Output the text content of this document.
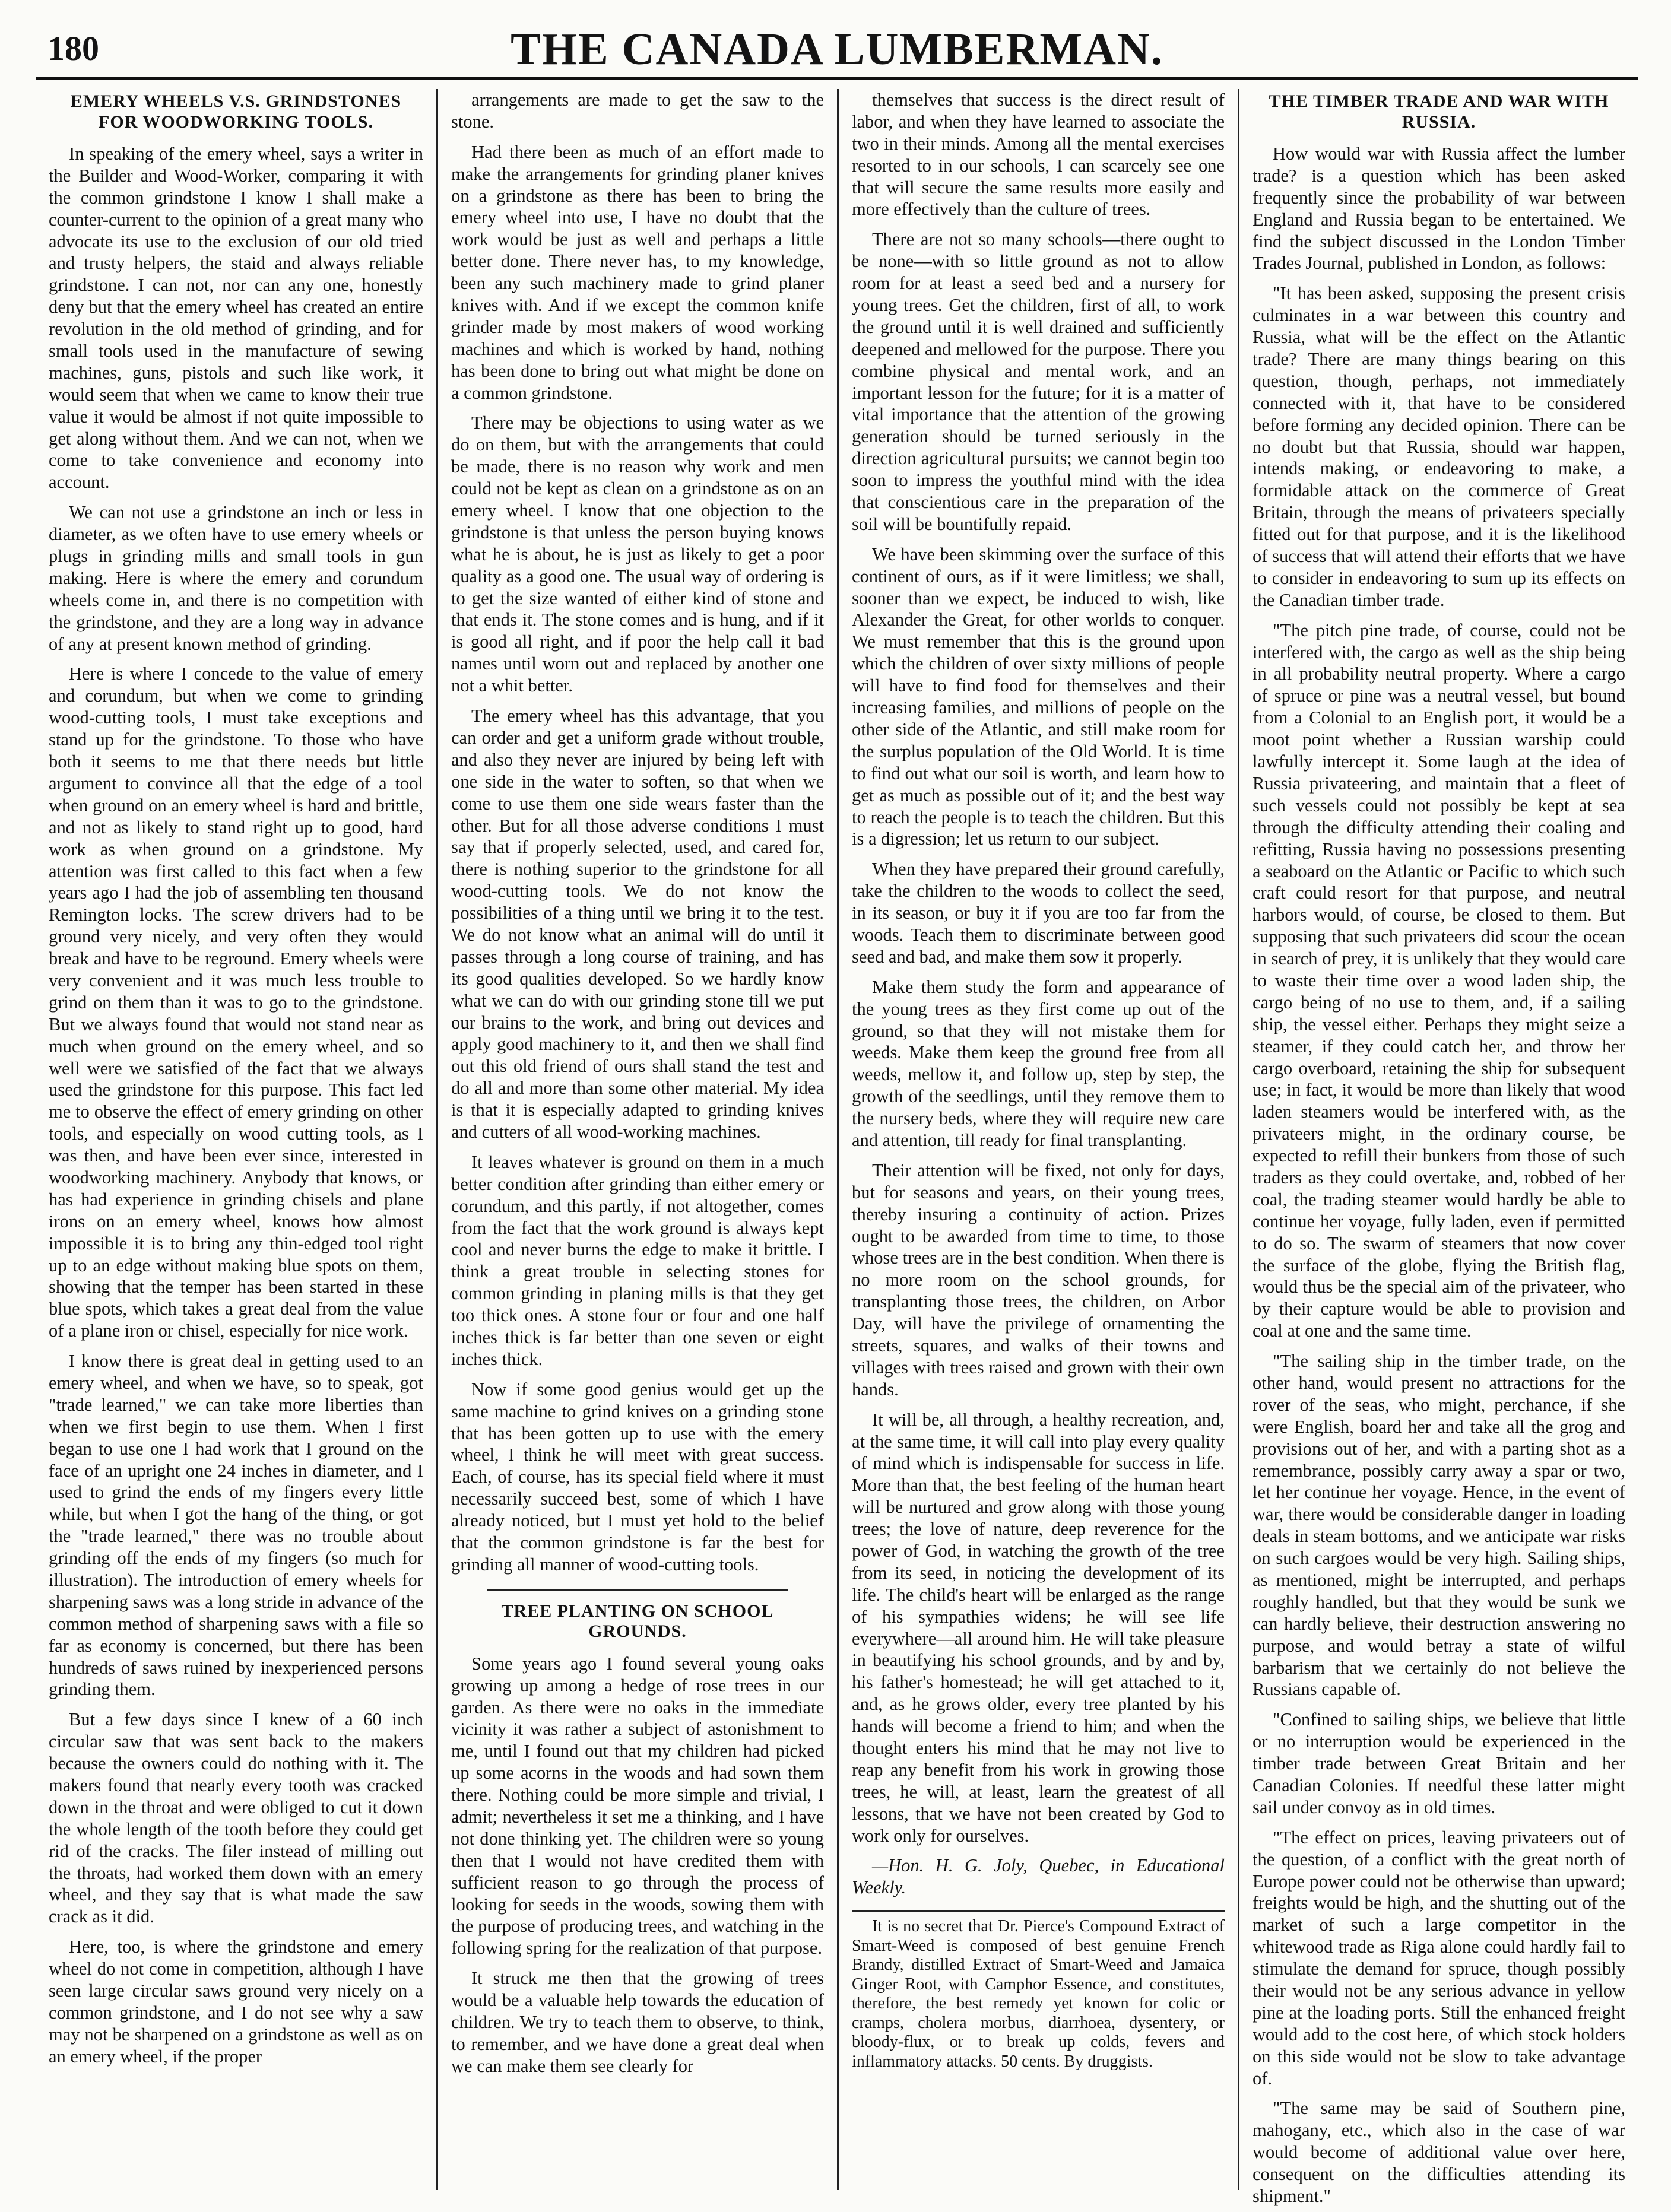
180	THE CANADA LUMBERMAN.
EMERY WHEELS V.S. GRINDSTONES FOR WOODWORKING TOOLS.

In speaking of the emery wheel, says a writer in the Builder and Wood-Worker, comparing it with the common grindstone I know I shall make a counter-current to the opinion of a great many who advocate its use to the exclusion of our old tried and trusty helpers, the staid and always reliable grindstone. I can not, nor can any one, honestly deny but that the emery wheel has created an entire revolution in the old method of grinding, and for small tools used in the manufacture of sewing machines, guns, pistols and such like work, it would seem that when we came to know their true value it would be almost if not quite impossible to get along without them. And we can not, when we come to take convenience and economy into account.

We can not use a grindstone an inch or less in diameter, as we often have to use emery wheels or plugs in grinding mills and small tools in gun making. Here is where the emery and corundum wheels come in, and there is no competition with the grindstone, and they are a long way in advance of any at present known method of grinding.

Here is where I concede to the value of emery and corundum, but when we come to grinding wood-cutting tools, I must take exceptions and stand up for the grindstone. To those who have both it seems to me that there needs but little argument to convince all that the edge of a tool when ground on an emery wheel is hard and brittle, and not as likely to stand right up to good, hard work as when ground on a grindstone. My attention was first called to this fact when a few years ago I had the job of assembling ten thousand Remington locks. The screw drivers had to be ground very nicely, and very often they would break and have to be reground. Emery wheels were very convenient and it was much less trouble to grind on them than it was to go to the grindstone. But we always found that would not stand near as much when ground on the emery wheel, and so well were we satisfied of the fact that we always used the grindstone for this purpose. This fact led me to observe the effect of emery grinding on other tools, and especially on wood cutting tools, as I was then, and have been ever since, interested in woodworking machinery. Anybody that knows, or has had experience in grinding chisels and plane irons on an emery wheel, knows how almost impossible it is to bring any thin-edged tool right up to an edge without making blue spots on them, showing that the temper has been started in these blue spots, which takes a great deal from the value of a plane iron or chisel, especially for nice work.

I know there is great deal in getting used to an emery wheel, and when we have, so to speak, got "trade learned," we can take more liberties than when we first begin to use them. When I first began to use one I had work that I ground on the face of an upright one 24 inches in diameter, and I used to grind the ends of my fingers every little while, but when I got the hang of the thing, or got the "trade learned," there was no trouble about grinding off the ends of my fingers (so much for illustration). The introduction of emery wheels for sharpening saws was a long stride in advance of the common method of sharpening saws with a file so far as economy is concerned, but there has been hundreds of saws ruined by inexperienced persons grinding them.

But a few days since I knew of a 60 inch circular saw that was sent back to the makers because the owners could do nothing with it. The makers found that nearly every tooth was cracked down in the throat and were obliged to cut it down the whole length of the tooth before they could get rid of the cracks. The filer instead of milling out the throats, had worked them down with an emery wheel, and they say that is what made the saw crack as it did.

Here, too, is where the grindstone and emery wheel do not come in competition, although I have seen large circular saws ground very nicely on a common grindstone, and I do not see why a saw may not be sharpened on a grindstone as well as on an emery wheel, if the proper

arrangements are made to get the saw to the stone.

Had there been as much of an effort made to make the arrangements for grinding planer knives on a grindstone as there has been to bring the emery wheel into use, I have no doubt that the work would be just as well and perhaps a little better done. There never has, to my knowledge, been any such machinery made to grind planer knives with. And if we except the common knife grinder made by most makers of wood working machines and which is worked by hand, nothing has been done to bring out what might be done on a common grindstone.

There may be objections to using water as we do on them, but with the arrangements that could be made, there is no reason why work and men could not be kept as clean on a grindstone as on an emery wheel. I know that one objection to the grindstone is that unless the person buying knows what he is about, he is just as likely to get a poor quality as a good one. The usual way of ordering is to get the size wanted of either kind of stone and that ends it. The stone comes and is hung, and if it is good all right, and if poor the help call it bad names until worn out and replaced by another one not a whit better.

The emery wheel has this advantage, that you can order and get a uniform grade without trouble, and also they never are injured by being left with one side in the water to soften, so that when we come to use them one side wears faster than the other. But for all those adverse conditions I must say that if properly selected, used, and cared for, there is nothing superior to the grindstone for all wood-cutting tools. We do not know the possibilities of a thing until we bring it to the test. We do not know what an animal will do until it passes through a long course of training, and has its good qualities developed. So we hardly know what we can do with our grinding stone till we put our brains to the work, and bring out devices and apply good machinery to it, and then we shall find out this old friend of ours shall stand the test and do all and more than some other material. My idea is that it is especially adapted to grinding knives and cutters of all wood-working machines.

It leaves whatever is ground on them in a much better condition after grinding than either emery or corundum, and this partly, if not altogether, comes from the fact that the work ground is always kept cool and never burns the edge to make it brittle. I think a great trouble in selecting stones for common grinding in planing mills is that they get too thick ones. A stone four or four and one half inches thick is far better than one seven or eight inches thick.

Now if some good genius would get up the same machine to grind knives on a grinding stone that has been gotten up to use with the emery wheel, I think he will meet with great success. Each, of course, has its special field where it must necessarily succeed best, some of which I have already noticed, but I must yet hold to the belief that the common grindstone is far the best for grinding all manner of wood-cutting tools.

TREE PLANTING ON SCHOOL GROUNDS.

Some years ago I found several young oaks growing up among a hedge of rose trees in our garden. As there were no oaks in the immediate vicinity it was rather a subject of astonishment to me, until I found out that my children had picked up some acorns in the woods and had sown them there. Nothing could be more simple and trivial, I admit; nevertheless it set me a thinking, and I have not done thinking yet. The children were so young then that I would not have credited them with sufficient reason to go through the process of looking for seeds in the woods, sowing them with the purpose of producing trees, and watching in the following spring for the realization of that purpose.

It struck me then that the growing of trees would be a valuable help towards the education of children. We try to teach them to observe, to think, to remember, and we have done a great deal when we can make them see clearly for

themselves that success is the direct result of labor, and when they have learned to associate the two in their minds. Among all the mental exercises resorted to in our schools, I can scarcely see one that will secure the same results more easily and more effectively than the culture of trees.

There are not so many schools—there ought to be none—with so little ground as not to allow room for at least a seed bed and a nursery for young trees. Get the children, first of all, to work the ground until it is well drained and sufficiently deepened and mellowed for the purpose. There you combine physical and mental work, and an important lesson for the future; for it is a matter of vital importance that the attention of the growing generation should be turned seriously in the direction agricultural pursuits; we cannot begin too soon to impress the youthful mind with the idea that conscientious care in the preparation of the soil will be bountifully repaid.

We have been skimming over the surface of this continent of ours, as if it were limitless; we shall, sooner than we expect, be induced to wish, like Alexander the Great, for other worlds to conquer. We must remember that this is the ground upon which the children of over sixty millions of people will have to find food for themselves and their increasing families, and millions of people on the other side of the Atlantic, and still make room for the surplus population of the Old World. It is time to find out what our soil is worth, and learn how to get as much as possible out of it; and the best way to reach the people is to teach the children. But this is a digression; let us return to our subject.

When they have prepared their ground carefully, take the children to the woods to collect the seed, in its season, or buy it if you are too far from the woods. Teach them to discriminate between good seed and bad, and make them sow it properly.

Make them study the form and appearance of the young trees as they first come up out of the ground, so that they will not mistake them for weeds. Make them keep the ground free from all weeds, mellow it, and follow up, step by step, the growth of the seedlings, until they remove them to the nursery beds, where they will require new care and attention, till ready for final transplanting.

Their attention will be fixed, not only for days, but for seasons and years, on their young trees, thereby insuring a continuity of action. Prizes ought to be awarded from time to time, to those whose trees are in the best condition. When there is no more room on the school grounds, for transplanting those trees, the children, on Arbor Day, will have the privilege of ornamenting the streets, squares, and walks of their towns and villages with trees raised and grown with their own hands.

It will be, all through, a healthy recreation, and, at the same time, it will call into play every quality of mind which is indispensable for success in life. More than that, the best feeling of the human heart will be nurtured and grow along with those young trees; the love of nature, deep reverence for the power of God, in watching the growth of the tree from its seed, in noticing the development of its life. The child's heart will be enlarged as the range of his sympathies widens; he will see life everywhere—all around him. He will take pleasure in beautifying his school grounds, and by and by, his father's homestead; he will get attached to it, and, as he grows older, every tree planted by his hands will become a friend to him; and when the thought enters his mind that he may not live to reap any benefit from his work in growing those trees, he will, at least, learn the greatest of all lessons, that we have not been created by God to work only for ourselves.

—Hon. H. G. Joly, Quebec, in Educational Weekly.

It is no secret that Dr. Pierce's Compound Extract of Smart-Weed is composed of best genuine French Brandy, distilled Extract of Smart-Weed and Jamaica Ginger Root, with Camphor Essence, and constitutes, therefore, the best remedy yet known for colic or cramps, cholera morbus, diarrhoea, dysentery, or bloody-flux, or to break up colds, fevers and inflammatory attacks. 50 cents. By druggists.

THE TIMBER TRADE AND WAR WITH RUSSIA.

How would war with Russia affect the lumber trade? is a question which has been asked frequently since the probability of war between England and Russia began to be entertained. We find the subject discussed in the London Timber Trades Journal, published in London, as follows:

"It has been asked, supposing the present crisis culminates in a war between this country and Russia, what will be the effect on the Atlantic trade? There are many things bearing on this question, though, perhaps, not immediately connected with it, that have to be considered before forming any decided opinion. There can be no doubt but that Russia, should war happen, intends making, or endeavoring to make, a formidable attack on the commerce of Great Britain, through the means of privateers specially fitted out for that purpose, and it is the likelihood of success that will attend their efforts that we have to consider in endeavoring to sum up its effects on the Canadian timber trade.

"The pitch pine trade, of course, could not be interfered with, the cargo as well as the ship being in all probability neutral property. Where a cargo of spruce or pine was a neutral vessel, but bound from a Colonial to an English port, it would be a moot point whether a Russian warship could lawfully intercept it. Some laugh at the idea of Russia privateering, and maintain that a fleet of such vessels could not possibly be kept at sea through the difficulty attending their coaling and refitting, Russia having no possessions presenting a seaboard on the Atlantic or Pacific to which such craft could resort for that purpose, and neutral harbors would, of course, be closed to them. But supposing that such privateers did scour the ocean in search of prey, it is unlikely that they would care to waste their time over a wood laden ship, the cargo being of no use to them, and, if a sailing ship, the vessel either. Perhaps they might seize a steamer, if they could catch her, and throw her cargo overboard, retaining the ship for subsequent use; in fact, it would be more than likely that wood laden steamers would be interfered with, as the privateers might, in the ordinary course, be expected to refill their bunkers from those of such traders as they could overtake, and, robbed of her coal, the trading steamer would hardly be able to continue her voyage, fully laden, even if permitted to do so. The swarm of steamers that now cover the surface of the globe, flying the British flag, would thus be the special aim of the privateer, who by their capture would be able to provision and coal at one and the same time.

"The sailing ship in the timber trade, on the other hand, would present no attractions for the rover of the seas, who might, perchance, if she were English, board her and take all the grog and provisions out of her, and with a parting shot as a remembrance, possibly carry away a spar or two, let her continue her voyage. Hence, in the event of war, there would be considerable danger in loading deals in steam bottoms, and we anticipate war risks on such cargoes would be very high. Sailing ships, as mentioned, might be interrupted, and perhaps roughly handled, but that they would be sunk we can hardly believe, their destruction answering no purpose, and would betray a state of wilful barbarism that we certainly do not believe the Russians capable of.

"Confined to sailing ships, we believe that little or no interruption would be experienced in the timber trade between Great Britain and her Canadian Colonies. If needful these latter might sail under convoy as in old times.

"The effect on prices, leaving privateers out of the question, of a conflict with the great north of Europe power could not be otherwise than upward; freights would be high, and the shutting out of the market of such a large competitor in the whitewood trade as Riga alone could hardly fail to stimulate the demand for spruce, though possibly their would not be any serious advance in yellow pine at the loading ports. Still the enhanced freight would add to the cost here, of which stock holders on this side would not be slow to take advantage of.

"The same may be said of Southern pine, mahogany, etc., which also in the case of war would become of additional value over here, consequent on the difficulties attending its shipment."
